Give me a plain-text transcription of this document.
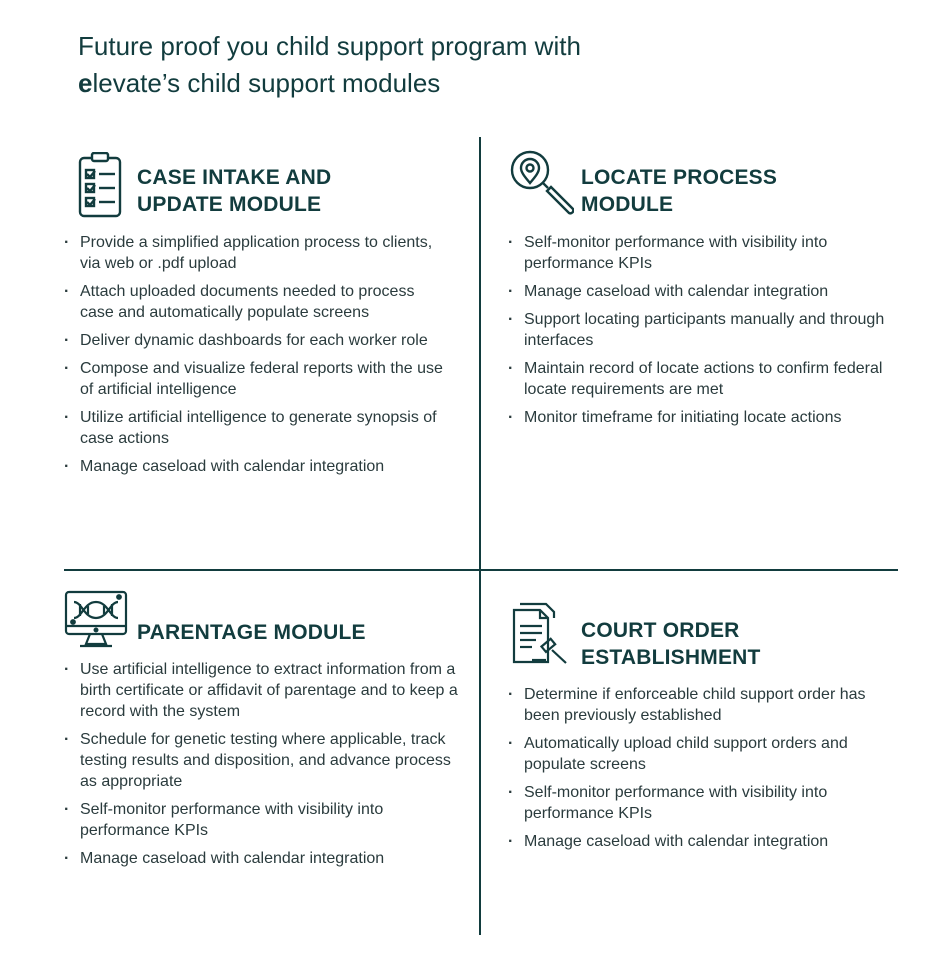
Future proof you child support program with
elevate’s child support modules
CASE INTAKE AND
UPDATE MODULE
· Provide a simplified application process to clients, via web or .pdf upload
· Attach uploaded documents needed to process case and automatically populate screens
· Deliver dynamic dashboards for each worker role
· Compose and visualize federal reports with the use of artificial intelligence
· Utilize artificial intelligence to generate synopsis of case actions
· Manage caseload with calendar integration
LOCATE PROCESS
MODULE
· Self-monitor performance with visibility into performance KPIs
· Manage caseload with calendar integration
· Support locating participants manually and through interfaces
· Maintain record of locate actions to confirm federal locate requirements are met
· Monitor timeframe for initiating locate actions
PARENTAGE MODULE
· Use artificial intelligence to extract information from a birth certificate or affidavit of parentage and to keep a record with the system
· Schedule for genetic testing where applicable, track testing results and disposition, and advance process as appropriate
· Self-monitor performance with visibility into performance KPIs
· Manage caseload with calendar integration
COURT ORDER
ESTABLISHMENT
· Determine if enforceable child support order has been previously established
· Automatically upload child support orders and populate screens
· Self-monitor performance with visibility into performance KPIs
· Manage caseload with calendar integration
